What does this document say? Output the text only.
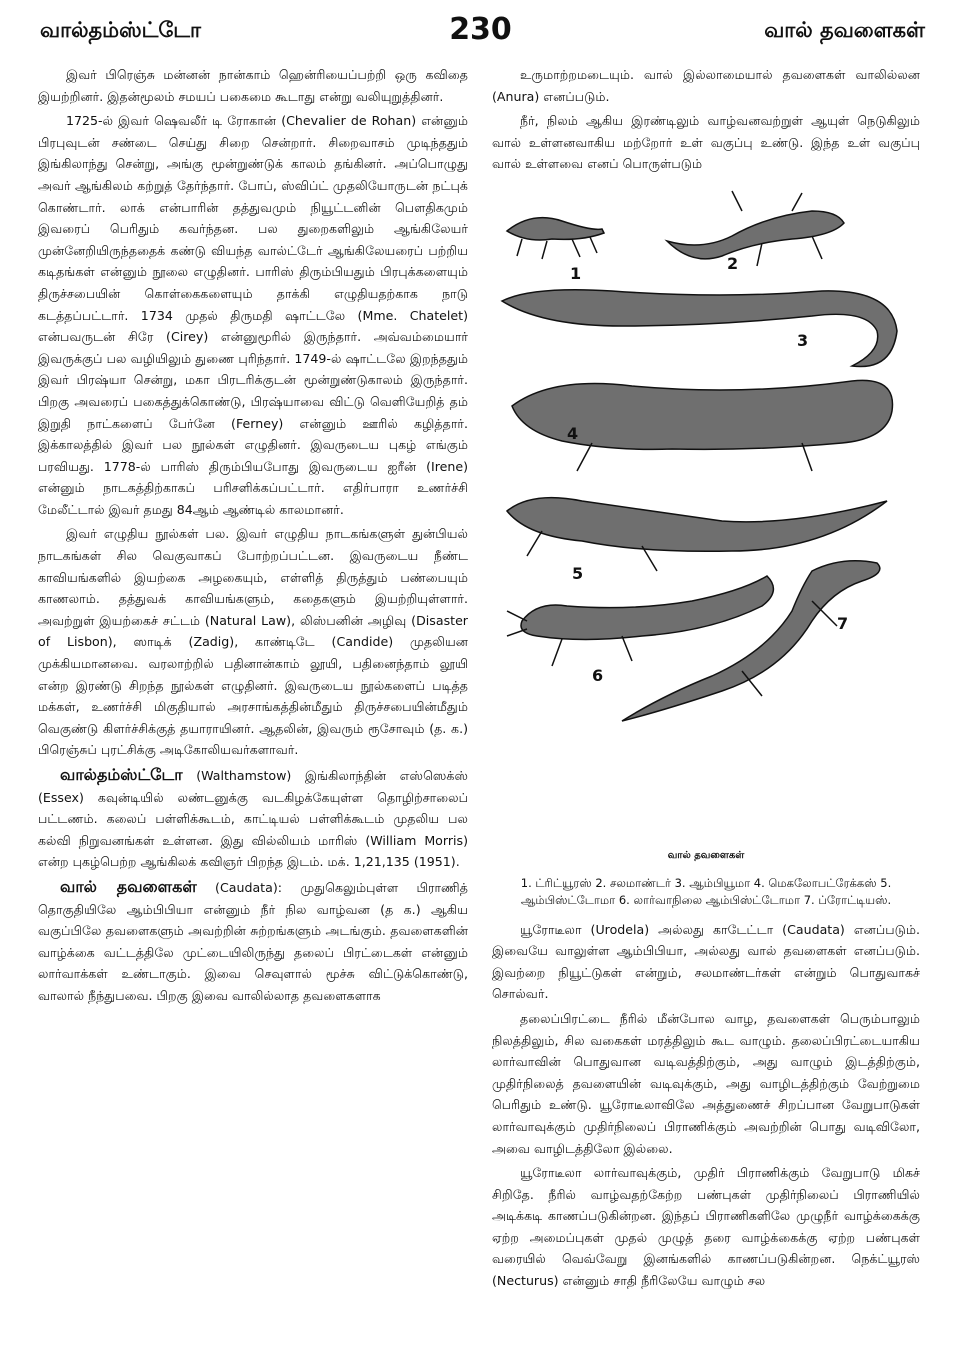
வால்தம்ஸ்ட்டோ	230	வால் தவளைகள்

இவர் பிரெஞ்சு மன்னன் நான்காம் ஹென்ரியைப்பற்றி ஒரு கவிதை இயற்றினர். இதன்மூலம் சமயப் பகைமை கூடாது என்று வலியுறுத்தினர்.

1725-ல் இவர் ஷெவலீர் டி ரோகான் (Chevalier de Rohan) என்னும் பிரபுவுடன் சண்டை செய்து சிறை சென்றார். சிறைவாசம் முடிந்ததும் இங்கிலாந்து சென்று, அங்கு மூன்றுண்டுக் காலம் தங்கினர். அப்பொழுது அவர் ஆங்கிலம் கற்றுத் தேர்ந்தார். போப், ஸ்விப்ட் முதலியோருடன் நட்புக் கொண்டார். லாக் என்பாரின் தத்துவமும் நியூட்டனின் பௌதிகமும் இவரைப் பெரிதும் கவர்ந்தன. பல துறைகளிலும் ஆங்கிலேயர் முன்னேறியிருந்ததைக் கண்டு வியந்த வால்ட்டேர் ஆங்கிலேயரைப் பற்றிய கடிதங்கள் என்னும் நூலை எழுதினர். பாரிஸ் திரும்பியதும் பிரபுக்களையும் திருச்சபையின் கொள்கைகளையும் தாக்கி எழுதியதற்காக நாடு கடத்தப்பட்டார். 1734 முதல் திருமதி ஷாட்டலே (Mme. Chatelet) என்பவருடன் சிரே (Cirey) என்னுமூரில் இருந்தார். அவ்வம்மையார் இவருக்குப் பல வழியிலும் துணை புரிந்தார். 1749-ல் ஷாட்டலே இறந்ததும் இவர் பிரஷ்யா சென்று, மகா பிரடரிக்குடன் மூன்றுண்டுகாலம் இருந்தார். பிறகு அவரைப் பகைத்துக்கொண்டு, பிரஷ்யாவை விட்டு வெளியேறித் தம் இறுதி நாட்களைப் பேர்னே (Ferney) என்னும் ஊரில் கழித்தார். இக்காலத்தில் இவர் பல நூல்கள் எழுதினர். இவருடைய புகழ் எங்கும் பரவியது. 1778-ல் பாரிஸ் திரும்பியபோது இவருடைய ஐரீன் (Irene) என்னும் நாடகத்திற்காகப் பரிசளிக்கப்பட்டார். எதிர்பாரா உணர்ச்சி மேலீட்டால் இவர் தமது 84ஆம் ஆண்டில் காலமானர்.

இவர் எழுதிய நூல்கள் பல. இவர் எழுதிய நாடகங்களுள் துன்பியல் நாடகங்கள் சில வெகுவாகப் போற்றப்பட்டன. இவருடைய நீண்ட காவியங்களில் இயற்கை அழகையும், எள்ளித் திருத்தும் பண்பையும் காணலாம். தத்துவக் காவியங்களும், கதைகளும் இயற்றியுள்ளார். அவற்றுள் இயற்கைச் சட்டம் (Natural Law), லிஸ்பனின் அழிவு (Disaster of Lisbon), ஸாடிக் (Zadig), காண்டிடே (Candide) முதலியன முக்கியமானவை. வரலாற்றில் பதினான்காம் லூயி, பதினைந்தாம் லூயி என்ற இரண்டு சிறந்த நூல்கள் எழுதினர். இவருடைய நூல்களைப் படித்த மக்கள், உணர்ச்சி மிகுதியால் அரசாங்கத்தின்மீதும் திருச்சபையின்மீதும் வெகுண்டு கிளர்ச்சிக்குத் தயாராயினர். ஆதலின், இவரும் ரூசோவும் (த. க.) பிரெஞ்சுப் புரட்சிக்கு அடிகோலியவர்களாவர்.

வால்தம்ஸ்ட்டோ (Walthamstow) இங்கிலாந்தின் எஸ்ஸெக்ஸ் (Essex) கவுன்டியில் லண்டனுக்கு வடகிழக்கேயுள்ள தொழிற்சாலைப் பட்டணம். கலைப் பள்ளிக்கூடம், காட்டியல் பள்ளிக்கூடம் முதலிய பல கல்வி நிறுவனங்கள் உள்ளன. இது வில்லியம் மாரிஸ் (William Morris) என்ற புகழ்பெற்ற ஆங்கிலக் கவிஞர் பிறந்த இடம். மக். 1,21,135 (1951).

வால் தவளைகள் (Caudata): முதுகெலும்புள்ள பிராணித் தொகுதியிலே ஆம்பிபியா என்னும் நீர் நில வாழ்வன (த க.) ஆகிய வகுப்பிலே தவளைகளும் அவற்றின் சுற்றங்களும் அடங்கும். தவளைகளின் வாழ்க்கை வட்டத்திலே முட்டையிலிருந்து தலைப் பிரட்டைகள் என்னும் லார்வாக்கள் உண்டாகும். இவை செவுளால் மூச்சு விட்டுக்கொண்டு, வாலால் நீந்துபவை. பிறகு இவை வாலில்லாத தவளைகளாக

உருமாற்றமடையும். வால் இல்லாமையால் தவளைகள் வாலில்லன (Anura) எனப்படும்.

நீர், நிலம் ஆகிய இரண்டிலும் வாழ்வனவற்றுள் ஆயுள் நெடுகிலும் வால் உள்ளனவாகிய மற்றோர் உள் வகுப்பு உண்டு. இந்த உள் வகுப்பு வால் உள்ளவை எனப் பொருள்படும்

1
2
3
4
5
6
7
வால் தவளைகள்
1. ட்ரிட்யூரஸ் 2. சலமாண்டர் 3. ஆம்பியூமா 4. மெகலோபட்ரேக்கஸ் 5. ஆம்பிஸ்ட்டோமா 6. லார்வாநிலை ஆம்பிஸ்ட்டோமா 7. ப்ரோட்டியஸ்.

யூரோடீலா (Urodela) அல்லது காடேட்டா (Caudata) எனப்படும். இவையே வாலுள்ள ஆம்பிபியா, அல்லது வால் தவளைகள் எனப்படும். இவற்றை நியூட்டுகள் என்றும், சலமாண்டர்கள் என்றும் பொதுவாகச் சொல்வர்.

தலைப்பிரட்டை நீரில் மீன்போல வாழ, தவளைகள் பெரும்பாலும் நிலத்திலும், சில வகைகள் மரத்திலும் கூட வாழும். தலைப்பிரட்டையாகிய லார்வாவின் பொதுவான வடிவத்திற்கும், அது வாழும் இடத்திற்கும், முதிர்நிலைத் தவளையின் வடிவுக்கும், அது வாழிடத்திற்கும் வேற்றுமை பெரிதும் உண்டு. யூரோடீலாவிலே அத்துணைச் சிறப்பான வேறுபாடுகள் லார்வாவுக்கும் முதிர்நிலைப் பிராணிக்கும் அவற்றின் பொது வடிவிலோ, அவை வாழிடத்திலோ இல்லை.

யூரோடீலா லார்வாவுக்கும், முதிர் பிராணிக்கும் வேறுபாடு மிகச் சிறிதே. நீரில் வாழ்வதற்கேற்ற பண்புகள் முதிர்நிலைப் பிராணியில் அடிக்கடி காணப்படுகின்றன. இந்தப் பிராணிகளிலே முழுநீர் வாழ்க்கைக்கு ஏற்ற அமைப்புகள் முதல் முழுத் தரை வாழ்க்கைக்கு ஏற்ற பண்புகள் வரையில் வெவ்வேறு இனங்களில் காணப்படுகின்றன. நெக்ட்யூரஸ் (Necturus) என்னும் சாதி நீரிலேயே வாழும் சல
